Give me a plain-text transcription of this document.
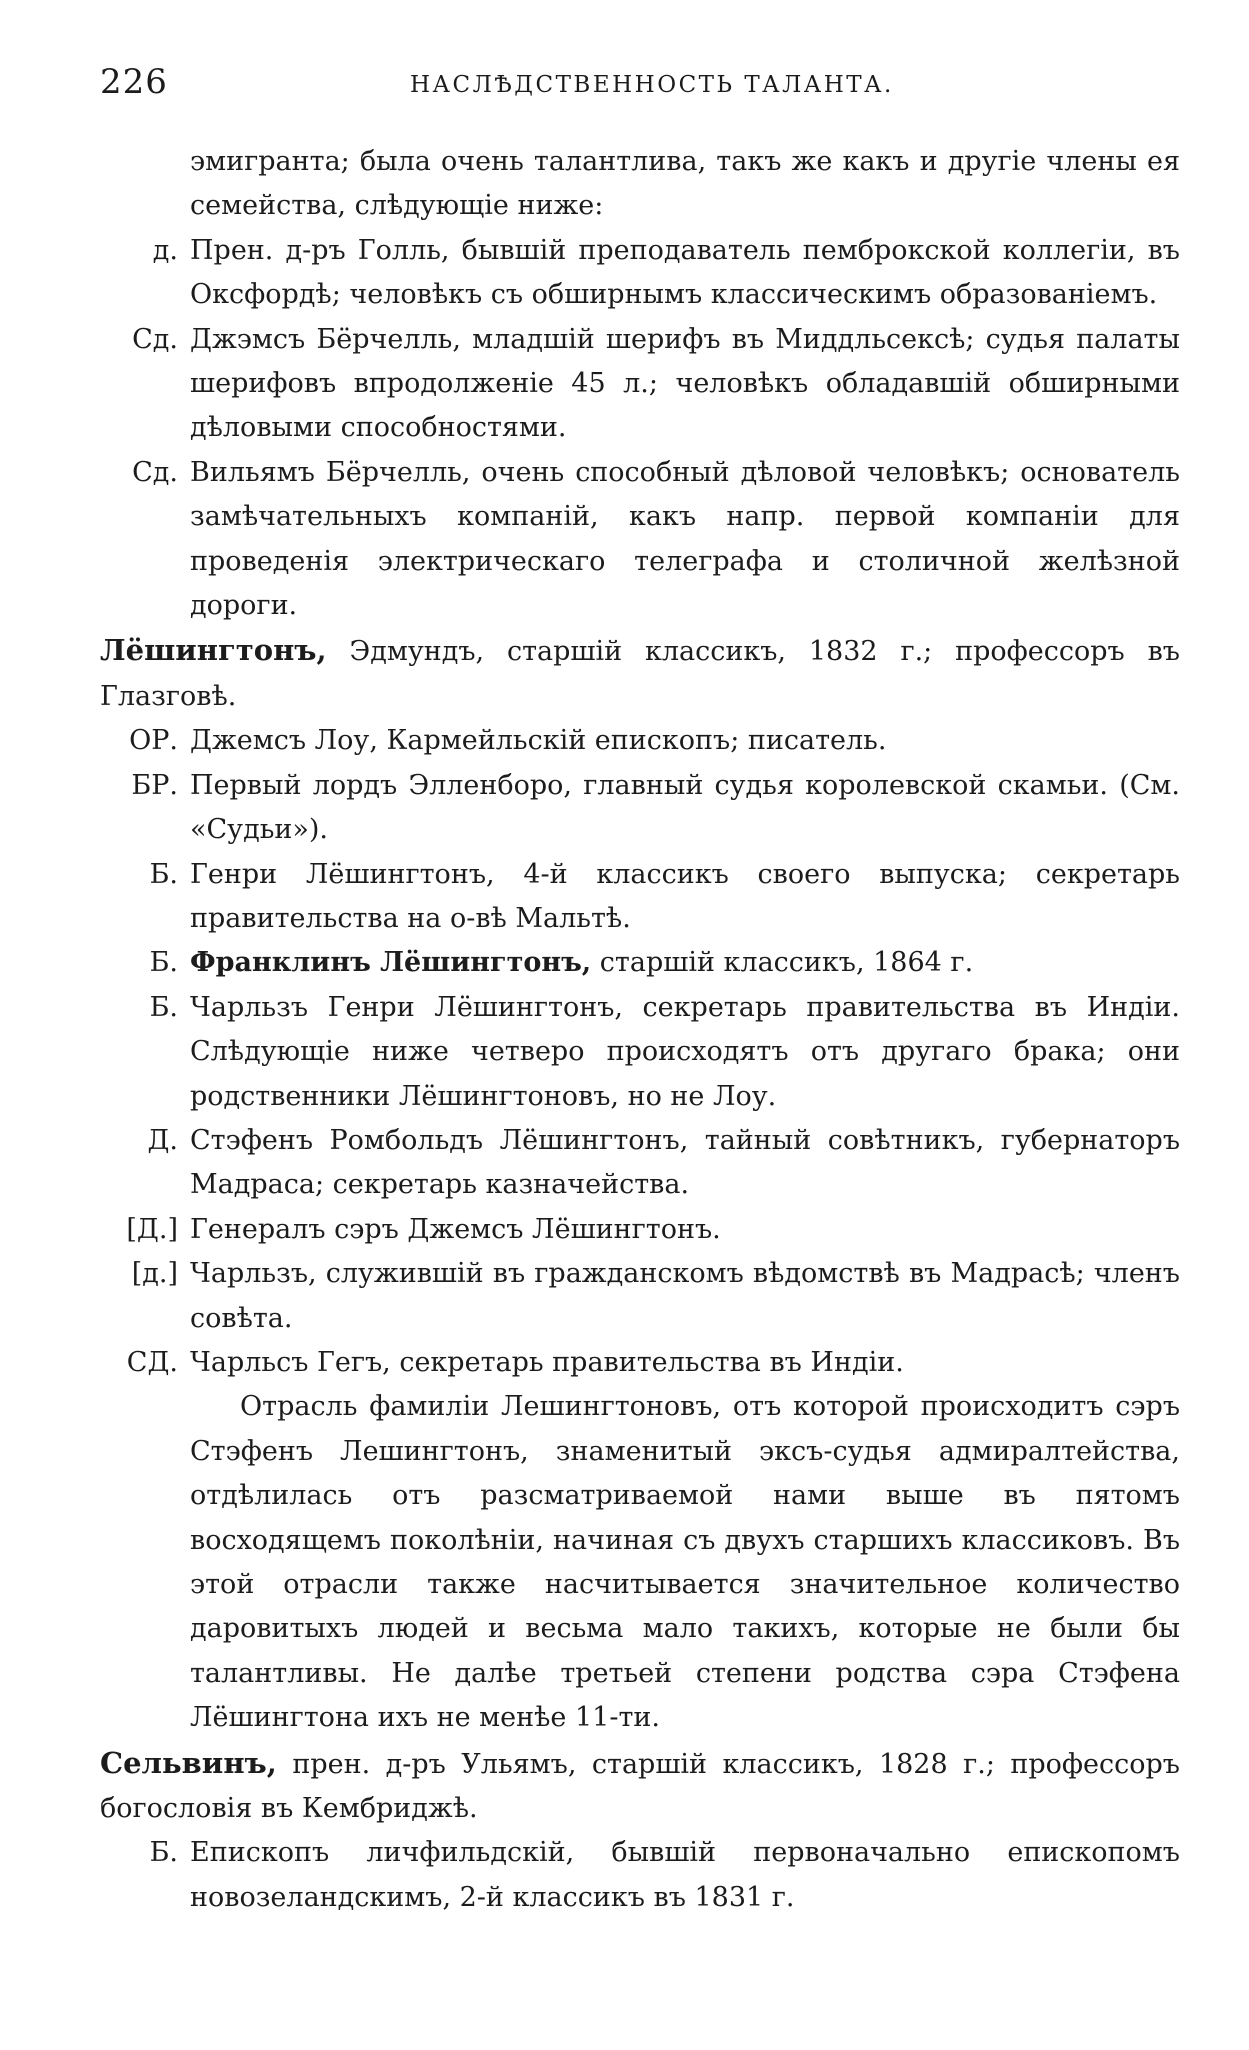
226	НАСЛѢДСТВЕННОСТЬ ТАЛАНТА.

эмигранта; была очень талантлива, такъ же какъ и другіе члены ея семейства, слѣдующіе ниже:

д. Прен. д-ръ Голль, бывшій преподаватель пемброкской коллегіи, въ Оксфордѣ; человѣкъ съ обширнымъ классическимъ образованіемъ.

Сд. Джэмсъ Бёрчелль, младшій шерифъ въ Миддльсексѣ; судья палаты шерифовъ впродолженіе 45 л.; человѣкъ обладавшій обширными дѣловыми способностями.

Сд. Вильямъ Бёрчелль, очень способный дѣловой человѣкъ; основатель замѣчательныхъ компаній, какъ напр. первой компаніи для проведенія электрическаго телеграфа и столичной желѣзной дороги.

Лёшингтонъ, Эдмундъ, старшій классикъ, 1832 г.; профессоръ въ Глазговѣ.

ОР. Джемсъ Лоу, Кармейльскій епископъ; писатель.

БР. Первый лордъ Элленборо, главный судья королевской скамьи. (См. «Судьи»).

Б. Генри Лёшингтонъ, 4-й классикъ своего выпуска; секретарь правительства на о-вѣ Мальтѣ.

Б. Франклинъ Лёшингтонъ, старшій классикъ, 1864 г.

Б. Чарльзъ Генри Лёшингтонъ, секретарь правительства въ Индіи. Слѣдующіе ниже четверо происходятъ отъ другаго брака; они родственники Лёшингтоновъ, но не Лоу.

Д. Стэфенъ Ромбольдъ Лёшингтонъ, тайный совѣтникъ, губернаторъ Мадраса; секретарь казначейства.

[Д.] Генералъ сэръ Джемсъ Лёшингтонъ.

[д.] Чарльзъ, служившій въ гражданскомъ вѣдомствѣ въ Мадрасѣ; членъ совѣта.

СД. Чарльсъ Гегъ, секретарь правительства въ Индіи.

Отрасль фамиліи Лешингтоновъ, отъ которой происходитъ сэръ Стэфенъ Лешингтонъ, знаменитый эксъ-судья адмиралтейства, отдѣлилась отъ разсматриваемой нами выше въ пятомъ восходящемъ поколѣніи, начиная съ двухъ старшихъ классиковъ. Въ этой отрасли также насчитывается значительное количество даровитыхъ людей и весьма мало такихъ, которые не были бы талантливы. Не далѣе третьей степени родства сэра Стэфена Лёшингтона ихъ не менѣе 11-ти.

Сельвинъ, прен. д-ръ Ульямъ, старшій классикъ, 1828 г.; профессоръ богословія въ Кембриджѣ.

Б. Епископъ личфильдскій, бывшій первоначально епископомъ новозеландскимъ, 2-й классикъ въ 1831 г.
